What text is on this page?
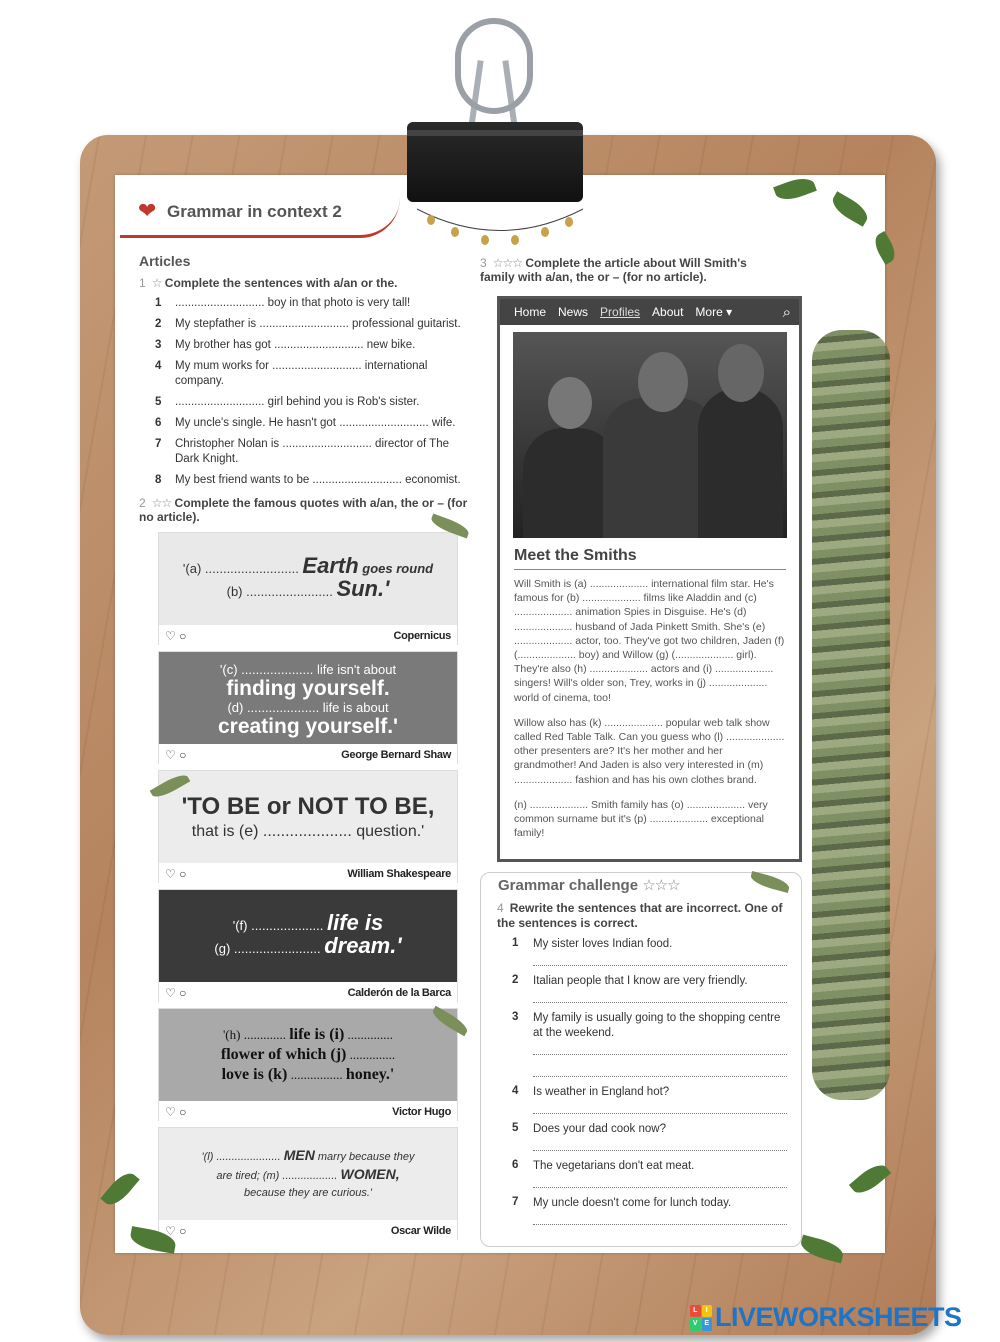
❤ Grammar in context 2
Articles
1 ☆ Complete the sentences with a/an or the.
1	............................ boy in that photo is very tall!
2	My stepfather is ............................ professional guitarist.
3	My brother has got ............................ new bike.
4	My mum works for ............................ international company.
5	............................ girl behind you is Rob's sister.
6	My uncle's single. He hasn't got ............................ wife.
7	Christopher Nolan is ............................ director of The Dark Knight.
8	My best friend wants to be ............................ economist.
2 ☆☆ Complete the famous quotes with a/an, the or – (for no article).
'(a) .......................... Earth goes round
(b) ........................ Sun.'
♡ ○	Copernicus
'(c) .................... life isn't about
finding yourself.
(d) .................... life is about
creating yourself.'
♡ ○	George Bernard Shaw
'TO BE or NOT TO BE,
that is (e) .................... question.'
♡ ○	William Shakespeare
'(f) .................... life is
(g) ........................ dream.'
♡ ○	Calderón de la Barca
'(h) ............. life is (i) ..............
flower of which (j) ..............
love is (k) ................ honey.'
♡ ○	Victor Hugo
'(l) ..................... MEN marry because they
are tired; (m) .................. WOMEN,
because they are curious.'
♡ ○	Oscar Wilde
3 ☆☆☆ Complete the article about Will Smith's family with a/an, the or – (for no article).
Home News Profiles About More ▾	⌕
Meet the Smiths

Will Smith is (a) .................... international film star. He's famous for (b) .................... films like Aladdin and (c) .................... animation Spies in Disguise. He's (d) .................... husband of Jada Pinkett Smith. She's (e) .................... actor, too. They've got two children, Jaden (f) (.................... boy) and Willow (g) (.................... girl). They're also (h) .................... actors and (i) .................... singers! Will's older son, Trey, works in (j) .................... world of cinema, too!

Willow also has (k) .................... popular web talk show called Red Table Talk. Can you guess who (l) .................... other presenters are? It's her mother and her grandmother! And Jaden is also very interested in (m) .................... fashion and has his own clothes brand.

(n) .................... Smith family has (o) .................... very common surname but it's (p) .................... exceptional family!

Grammar challenge ☆☆☆
4 Rewrite the sentences that are incorrect. One of the sentences is correct.
1 My sister loves Indian food.
2 Italian people that I know are very friendly.
3 My family is usually going to the shopping centre at the weekend.
4 Is weather in England hot?
5 Does your dad cook now?
6 The vegetarians don't eat meat.
7 My uncle doesn't come for lunch today.
L	I
V E LIVEWORKSHEETS
